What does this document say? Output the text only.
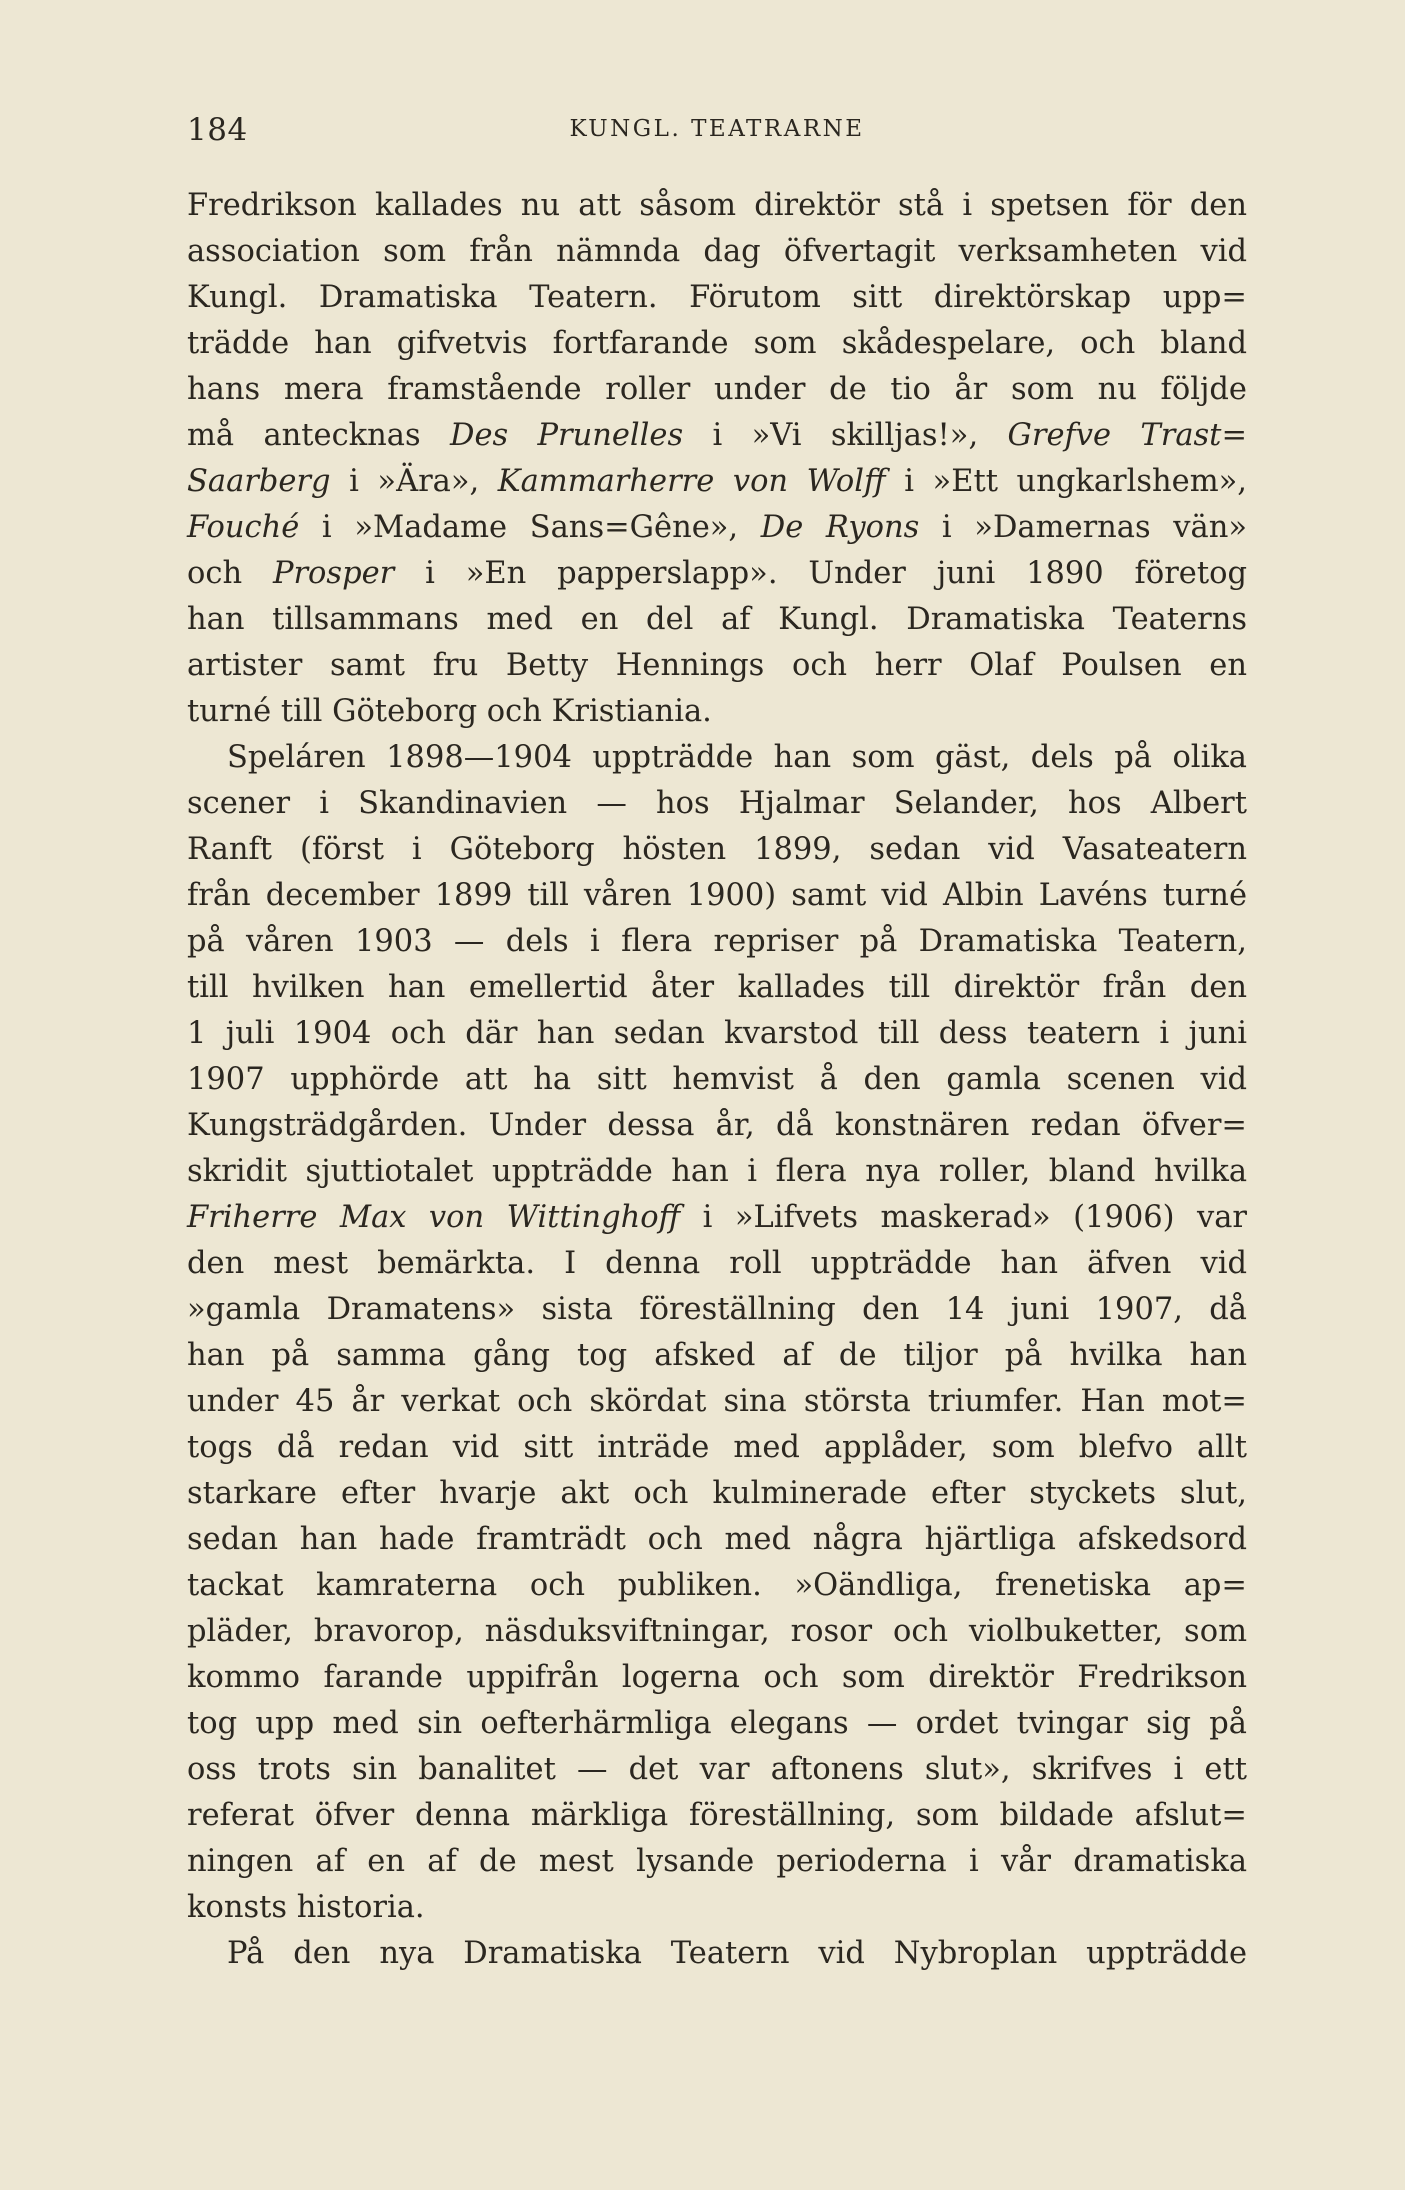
184	KUNGL. TEATRARNE
Fredrikson kallades nu att såsom direktör stå i spetsen för den
association som från nämnda dag öfvertagit verksamheten vid
Kungl. Dramatiska Teatern. Förutom sitt direktörskap upp=
trädde han gifvetvis fortfarande som skådespelare, och bland
hans mera framstående roller under de tio år som nu följde
må antecknas Des Prunelles i »Vi skilljas!», Grefve Trast=
Saarberg i »Ära», Kammarherre von Wolff i »Ett ungkarlshem»,
Fouché i »Madame Sans=Gêne», De Ryons i »Damernas vän»
och Prosper i »En papperslapp». Under juni 1890 företog
han tillsammans med en del af Kungl. Dramatiska Teaterns
artister samt fru Betty Hennings och herr Olaf Poulsen en
turné till Göteborg och Kristiania.
Speláren 1898—1904 uppträdde han som gäst, dels på olika
scener i Skandinavien — hos Hjalmar Selander, hos Albert
Ranft (först i Göteborg hösten 1899, sedan vid Vasateatern
från december 1899 till våren 1900) samt vid Albin Lavéns turné
på våren 1903 — dels i flera repriser på Dramatiska Teatern,
till hvilken han emellertid åter kallades till direktör från den
1 juli 1904 och där han sedan kvarstod till dess teatern i juni
1907 upphörde att ha sitt hemvist å den gamla scenen vid
Kungsträdgården. Under dessa år, då konstnären redan öfver=
skridit sjuttiotalet uppträdde han i flera nya roller, bland hvilka
Friherre Max von Wittinghoff i »Lifvets maskerad» (1906) var
den mest bemärkta. I denna roll uppträdde han äfven vid
»gamla Dramatens» sista föreställning den 14 juni 1907, då
han på samma gång tog afsked af de tiljor på hvilka han
under 45 år verkat och skördat sina största triumfer. Han mot=
togs då redan vid sitt inträde med applåder, som blefvo allt
starkare efter hvarje akt och kulminerade efter styckets slut,
sedan han hade framträdt och med några hjärtliga afskedsord
tackat kamraterna och publiken. »Oändliga, frenetiska ap=
pläder, bravorop, näsduksviftningar, rosor och violbuketter, som
kommo farande uppifrån logerna och som direktör Fredrikson
tog upp med sin oefterhärmliga elegans — ordet tvingar sig på
oss trots sin banalitet — det var aftonens slut», skrifves i ett
referat öfver denna märkliga föreställning, som bildade afslut=
ningen af en af de mest lysande perioderna i vår dramatiska
konsts historia.
På den nya Dramatiska Teatern vid Nybroplan uppträdde
